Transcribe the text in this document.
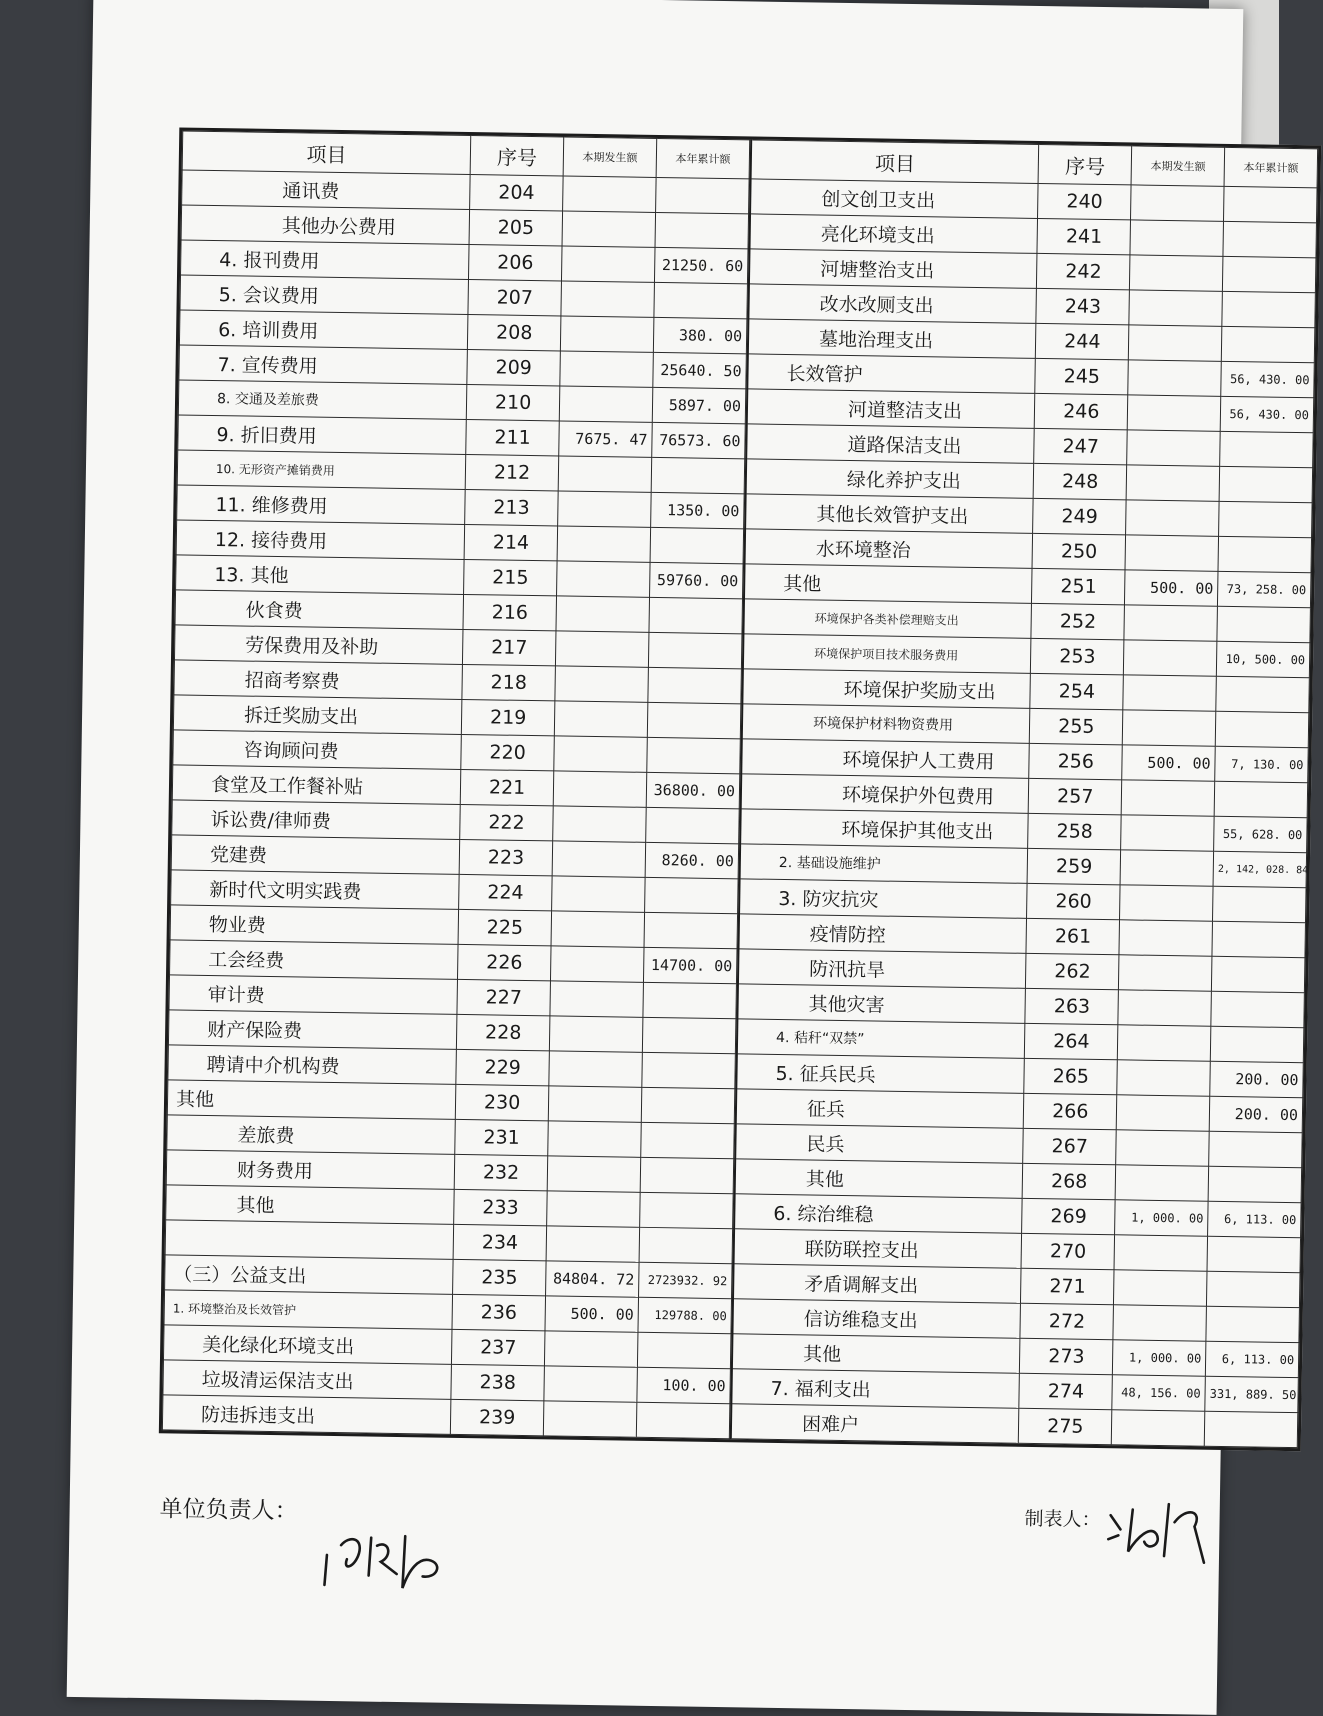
项目	序号	本期发生额	本年累计额
通讯费	204		
其他办公费用	205		
4. 报刊费用	206		21250. 60
5. 会议费用	207		
6. 培训费用	208		380. 00
7. 宣传费用	209		25640. 50
8. 交通及差旅费	210		5897. 00
9. 折旧费用	211	7675. 47	76573. 60
10. 无形资产摊销费用	212		
11. 维修费用	213		1350. 00
12. 接待费用	214		
13. 其他	215		59760. 00
伙食费	216		
劳保费用及补助	217		
招商考察费	218		
拆迁奖励支出	219		
咨询顾问费	220		
食堂及工作餐补贴	221		36800. 00
诉讼费/律师费	222		
党建费	223		8260. 00
新时代文明实践费	224		
物业费	225		
工会经费	226		14700. 00
审计费	227		
财产保险费	228		
聘请中介机构费	229		
其他	230		
差旅费	231		
财务费用	232		
其他	233		
	234		
（三）公益支出	235	84804. 72	2723932. 92
1. 环境整治及长效管护	236	500. 00	129788. 00
美化绿化环境支出	237		
垃圾清运保洁支出	238		100. 00
防违拆违支出	239		
项目	序号	本期发生额	本年累计额
创文创卫支出	240		
亮化环境支出	241		
河塘整治支出	242		
改水改厕支出	243		
墓地治理支出	244		
长效管护	245		56, 430. 00
河道整洁支出	246		56, 430. 00
道路保洁支出	247		
绿化养护支出	248		
其他长效管护支出	249		
水环境整治	250		
其他	251	500. 00	73, 258. 00
环境保护各类补偿理赔支出	252		
环境保护项目技术服务费用	253		10, 500. 00
环境保护奖励支出	254		
环境保护材料物资费用	255		
环境保护人工费用	256	500. 00	7, 130. 00
环境保护外包费用	257		
环境保护其他支出	258		55, 628. 00
2. 基础设施维护	259		2, 142, 028. 84
3. 防灾抗灾	260		
疫情防控	261		
防汛抗旱	262		
其他灾害	263		
4. 秸秆“双禁”	264		
5. 征兵民兵	265		200. 00
征兵	266		200. 00
民兵	267		
其他	268		
6. 综治维稳	269	1, 000. 00	6, 113. 00
联防联控支出	270		
矛盾调解支出	271		
信访维稳支出	272		
其他	273	1, 000. 00	6, 113. 00
7. 福利支出	274	48, 156. 00	331, 889. 50
困难户	275		
单位负责人：	制表人：
